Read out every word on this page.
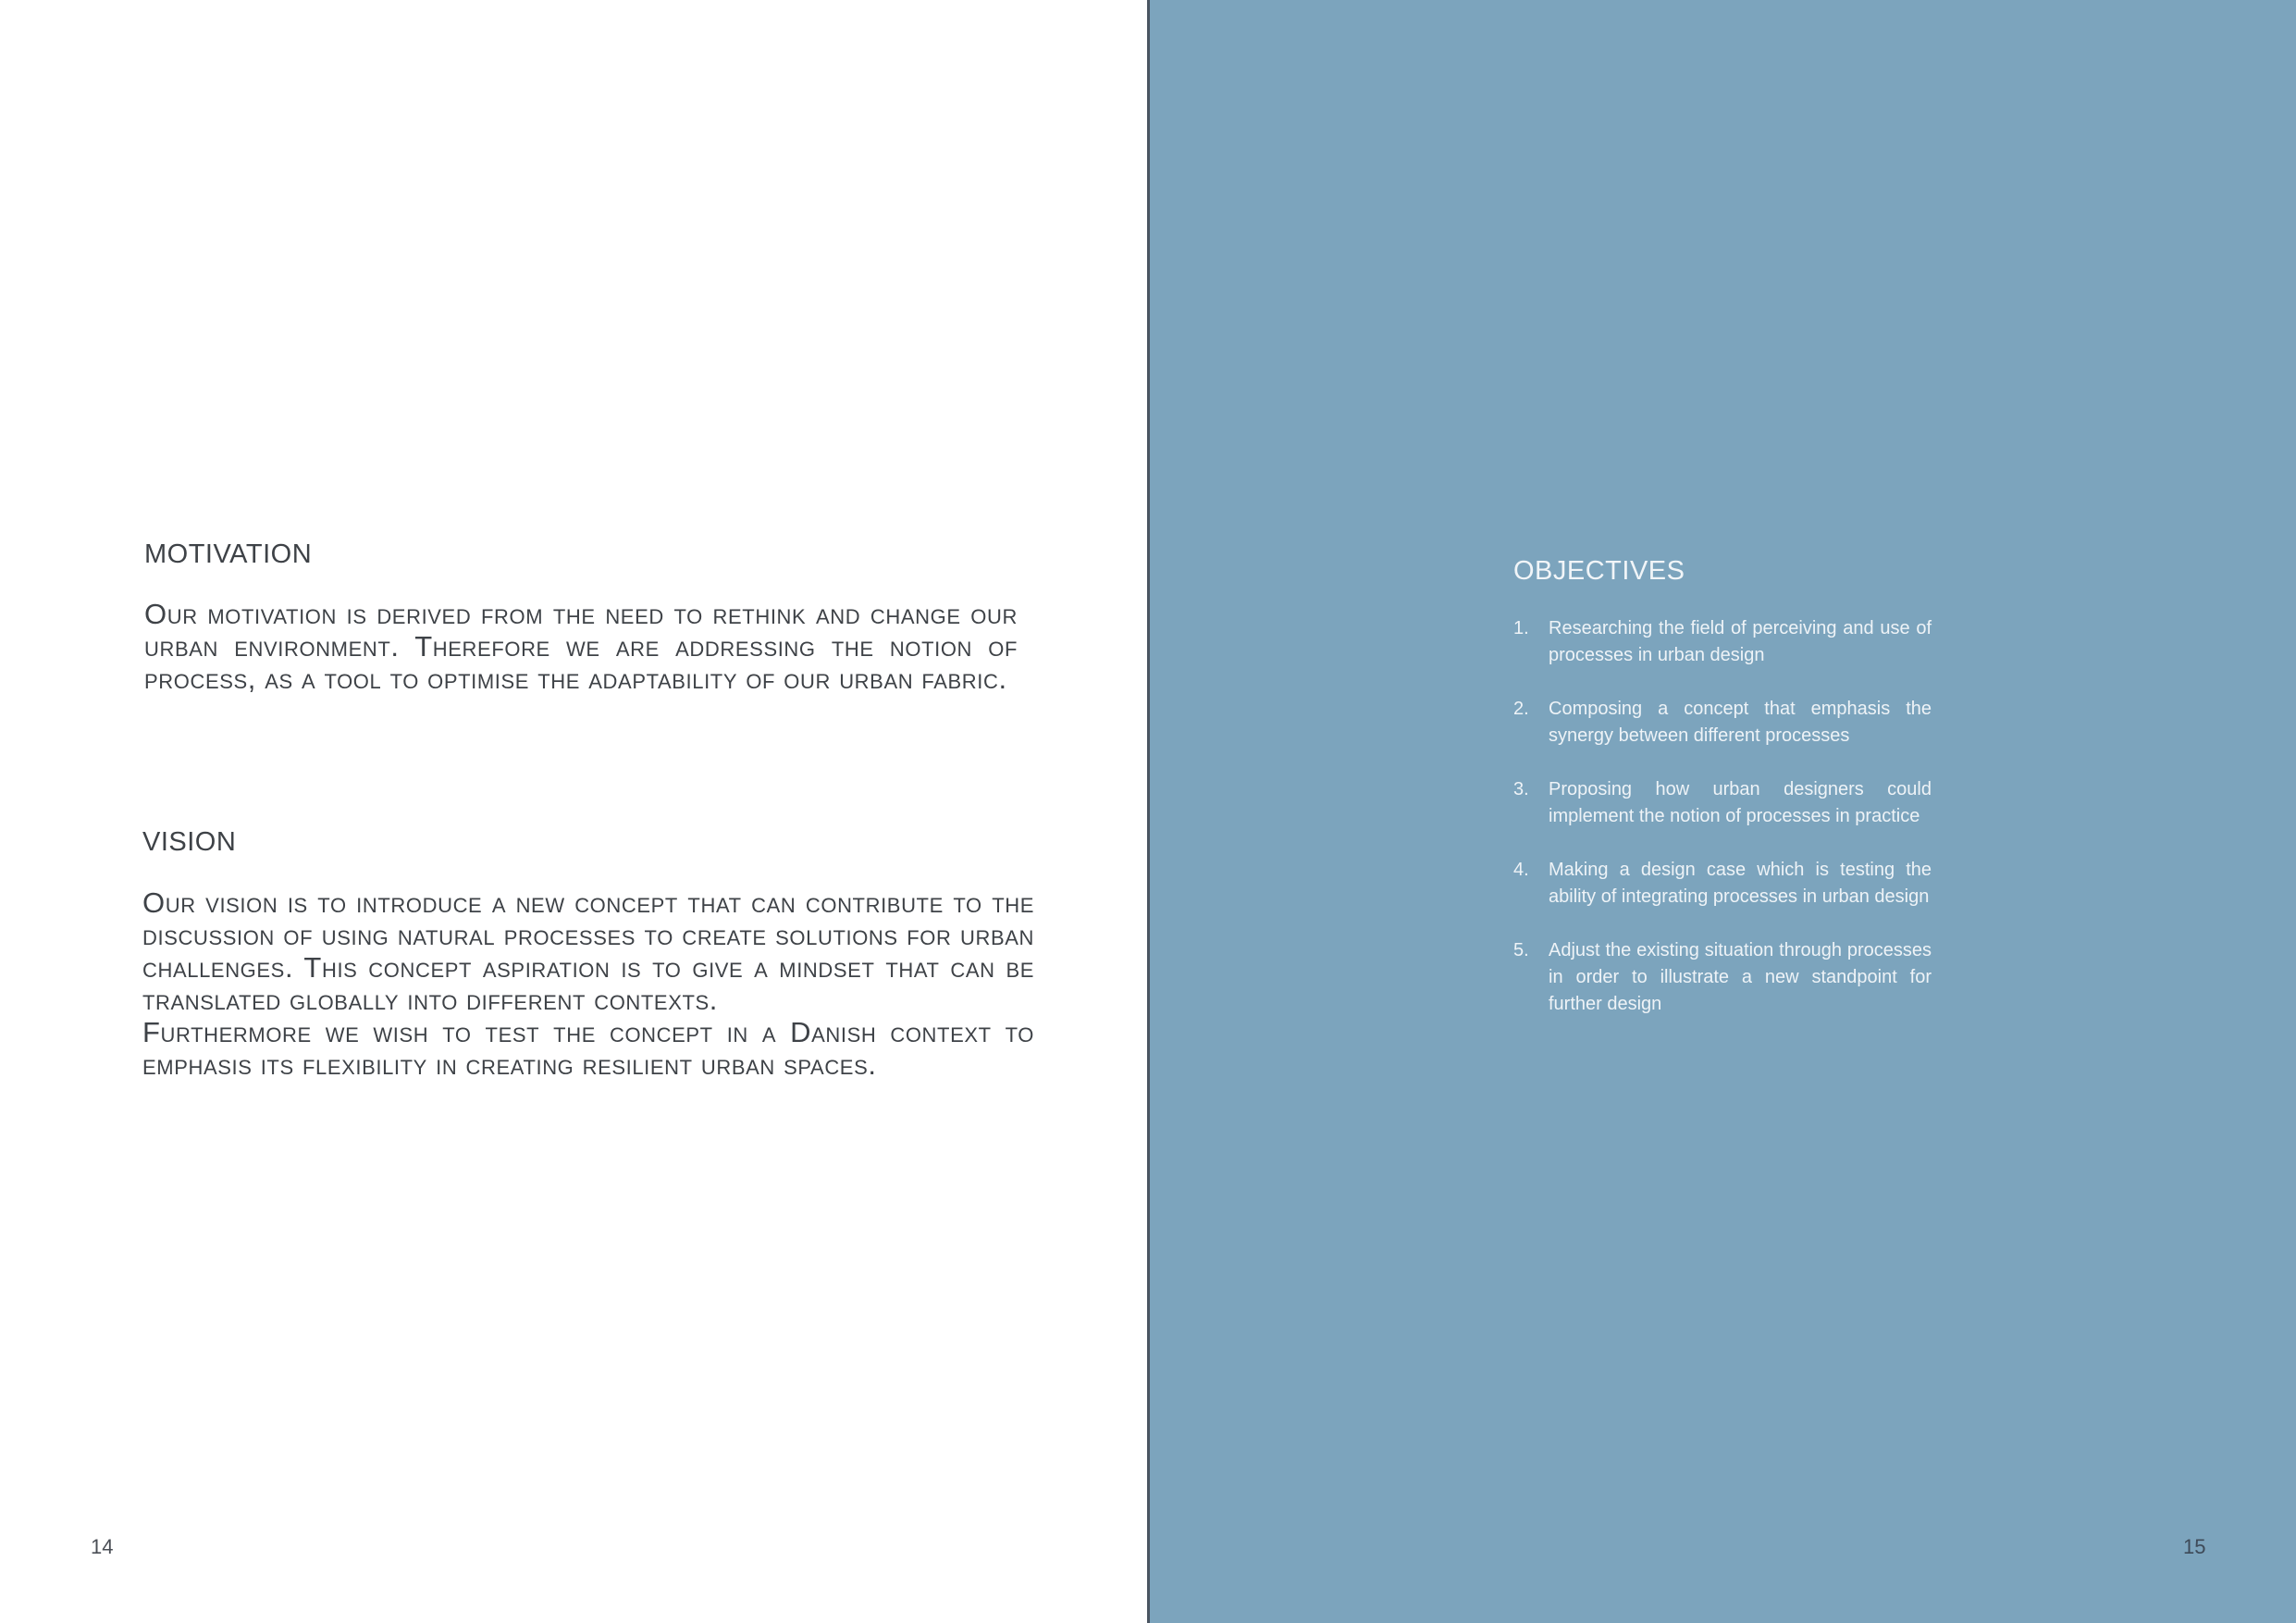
MOTIVATION

Our motivation is derived from the need to rethink and change our urban environment. Therefore we are addressing the notion of process, as a tool to optimise the adaptability of our urban fabric.

VISION
Our vision is to introduce a new concept that can contribute to the discussion of using natural processes to create solutions for urban challenges. This concept aspiration is to give a mindset that can be translated globally into different contexts.
Furthermore we wish to test the concept in a Danish context to emphasis its flexibility in creating resilient urban spaces.

14

OBJECTIVES
1. Researching the field of perceiving and use of processes in urban design
2. Composing a concept that emphasis the synergy between different processes
3. Proposing how urban designers could implement the notion of processes in practice
4. Making a design case which is testing the ability of integrating processes in urban design
5. Adjust the existing situation through processes in order to illustrate a new standpoint for further design

15
